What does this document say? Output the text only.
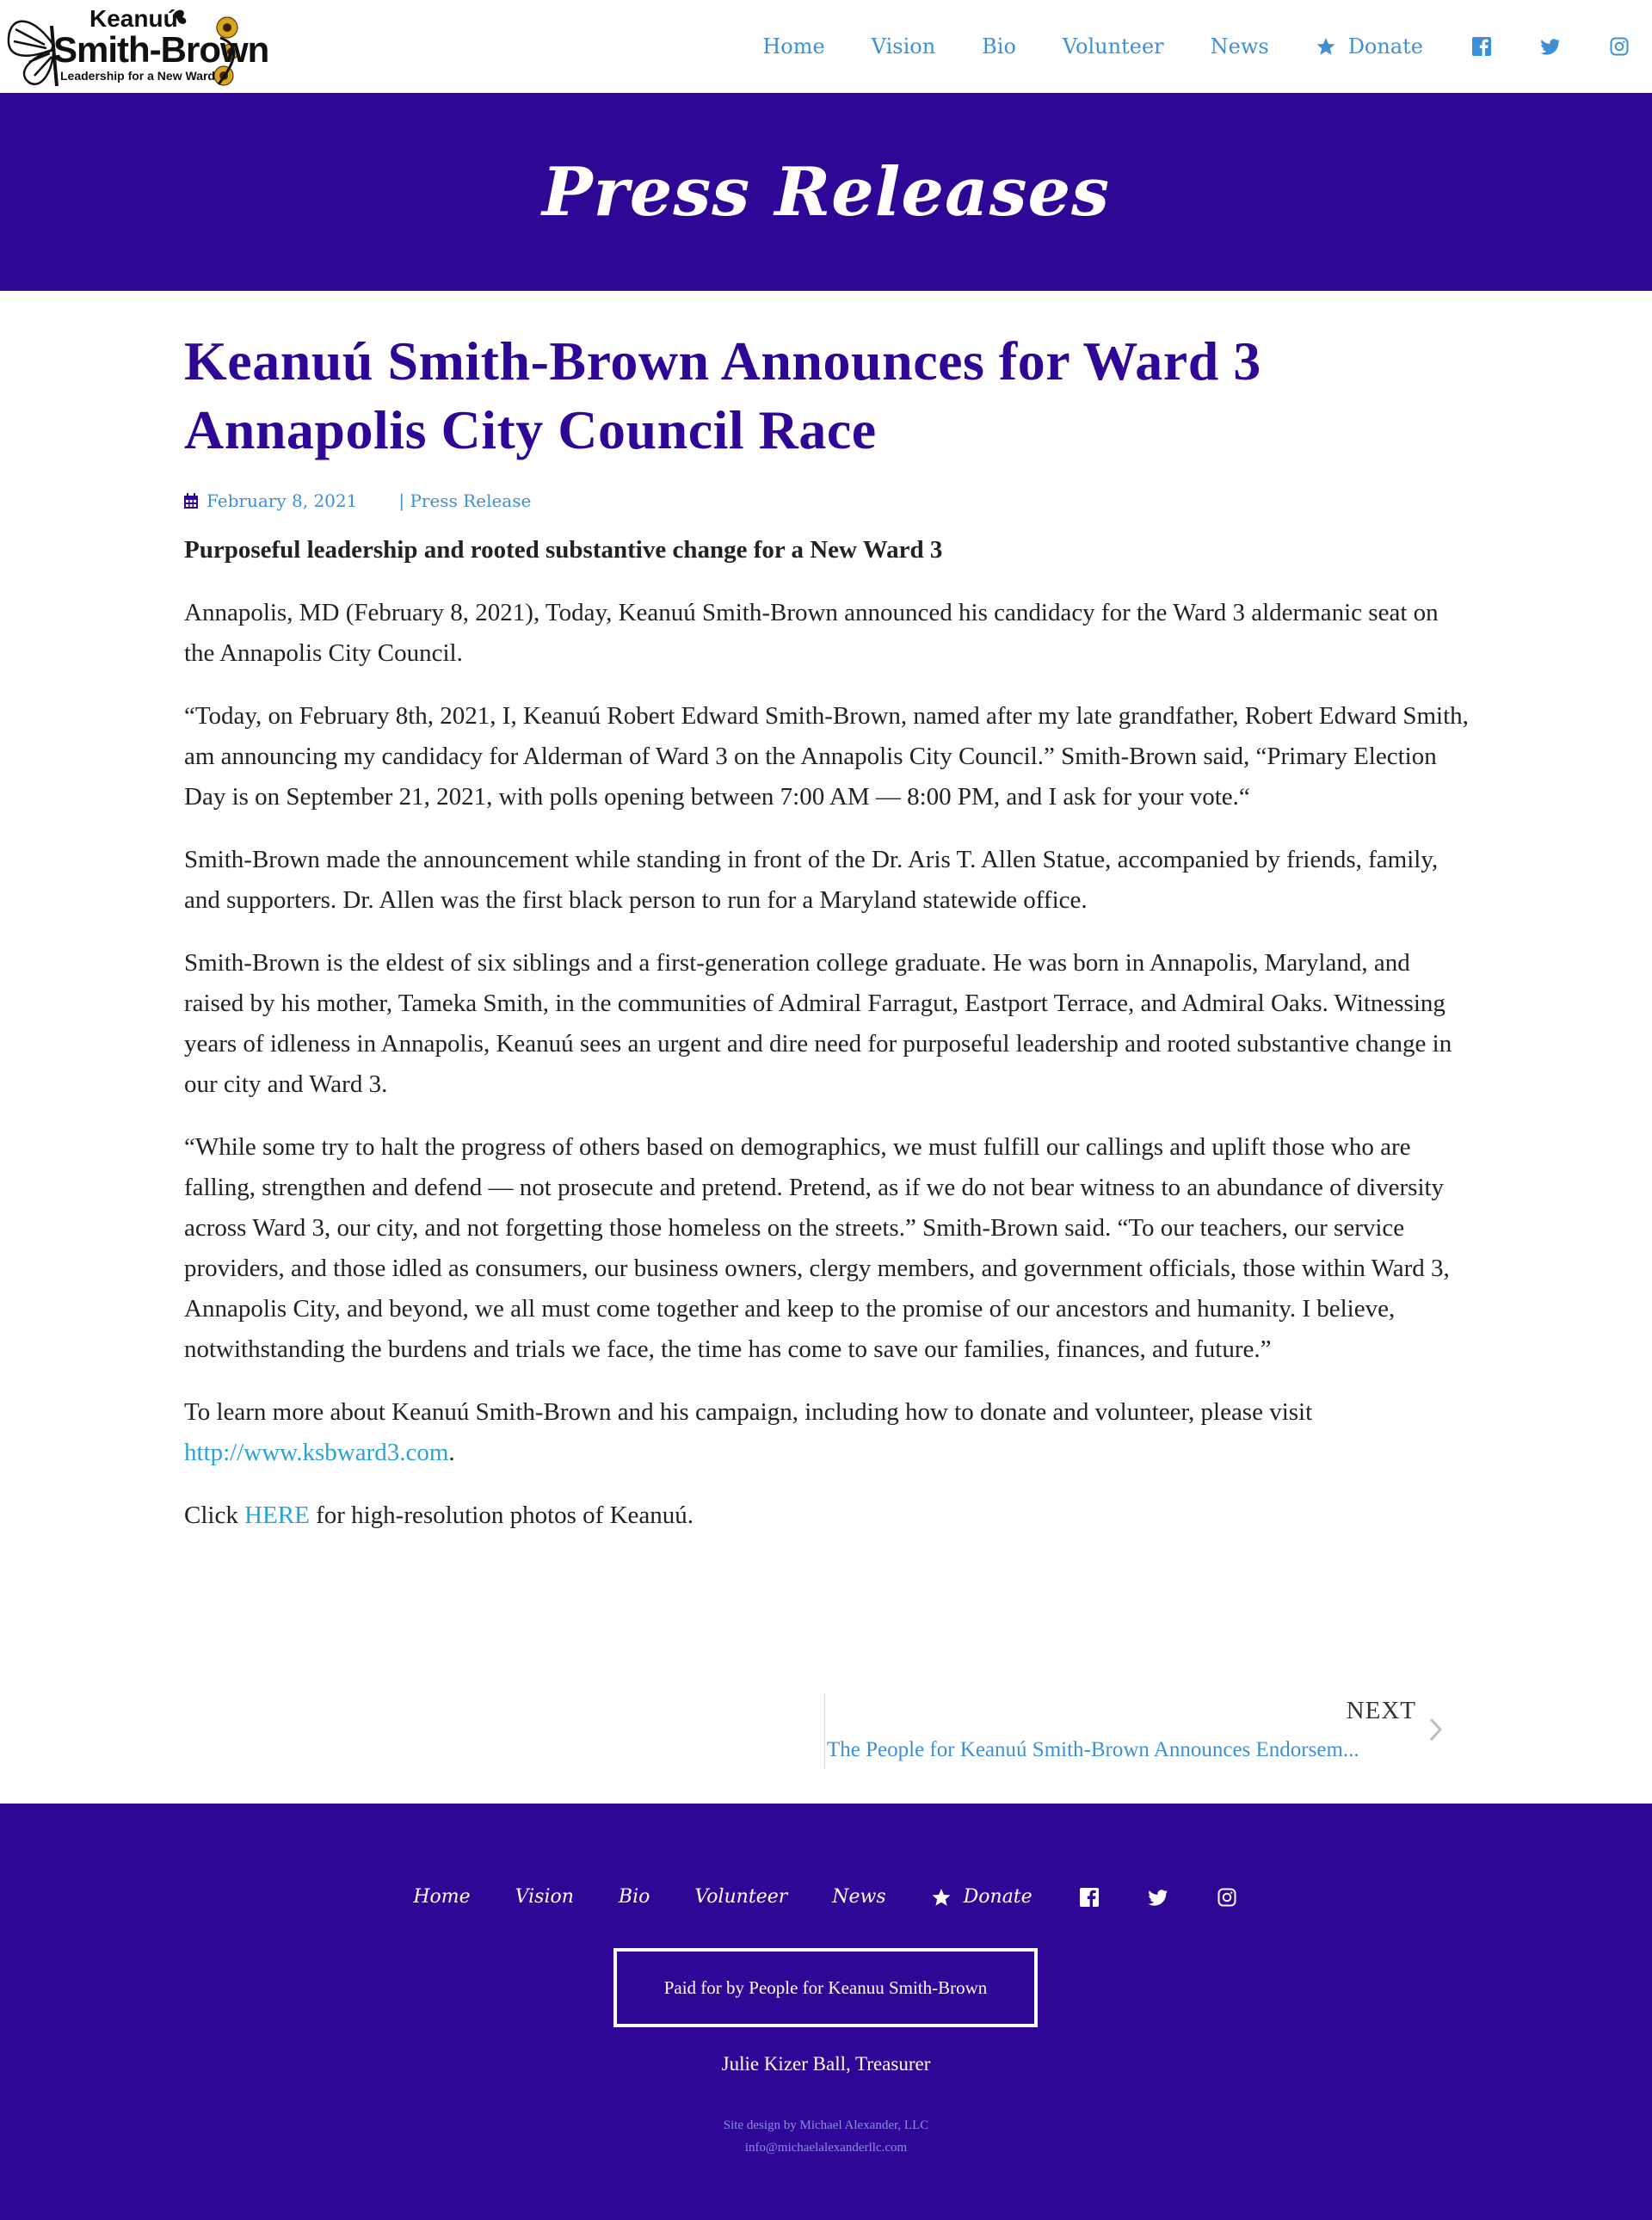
Keanuú
Smith-Brown
Leadership for a New Ward
Home Vision Bio Volunteer News	Donate
Press Releases
Keanuú Smith-Brown Announces for Ward 3 Annapolis City Council Race
February 8, 2021 | Press Release

Purposeful leadership and rooted substantive change for a New Ward 3

Annapolis, MD (February 8, 2021), Today, Keanuú Smith-Brown announced his candidacy for the Ward 3 aldermanic seat on the Annapolis City Council.

“Today, on February 8th, 2021, I, Keanuú Robert Edward Smith-Brown, named after my late grandfather, Robert Edward Smith, am announcing my candidacy for Alderman of Ward 3 on the Annapolis City Council.” Smith-Brown said, “Primary Election Day is on September 21, 2021, with polls opening between 7:00 AM — 8:00 PM, and I ask for your vote.“

Smith-Brown made the announcement while standing in front of the Dr. Aris T. Allen Statue, accompanied by friends, family, and supporters. Dr. Allen was the first black person to run for a Maryland statewide office.

Smith-Brown is the eldest of six siblings and a first-generation college graduate. He was born in Annapolis, Maryland, and raised by his mother, Tameka Smith, in the communities of Admiral Farragut, Eastport Terrace, and Admiral Oaks. Witnessing years of idleness in Annapolis, Keanuú sees an urgent and dire need for purposeful leadership and rooted substantive change in our city and Ward 3.

“While some try to halt the progress of others based on demographics, we must fulfill our callings and uplift those who are falling, strengthen and defend — not prosecute and pretend. Pretend, as if we do not bear witness to an abundance of diversity across Ward 3, our city, and not forgetting those homeless on the streets.” Smith-Brown said. “To our teachers, our service providers, and those idled as consumers, our business owners, clergy members, and government officials, those within Ward 3, Annapolis City, and beyond, we all must come together and keep to the promise of our ancestors and humanity. I believe, notwithstanding the burdens and trials we face, the time has come to save our families, finances, and future.”

To learn more about Keanuú Smith-Brown and his campaign, including how to donate and volunteer, please visit http://www.ksbward3.com.

Click HERE for high-resolution photos of Keanuú.

NEXT
The People for Keanuú Smith-Brown Announces Endorsem...
Home Vision Bio Volunteer News	Donate
Paid for by People for Keanuu Smith-Brown
Julie Kizer Ball, Treasurer
Site design by Michael Alexander, LLC
info@michaelalexanderllc.com
